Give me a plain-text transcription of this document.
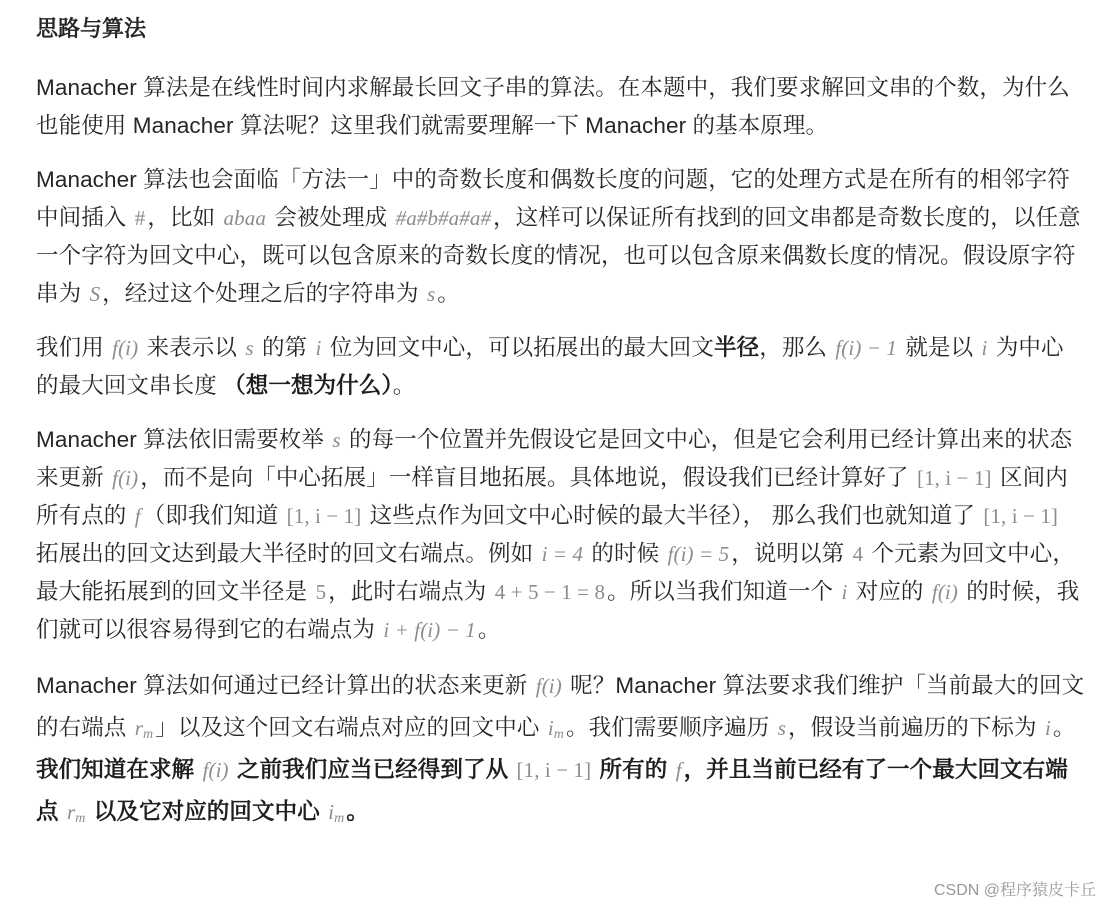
思路与算法

Manacher 算法是在线性时间内求解最长回文子串的算法。在本题中，我们要求解回文串的个数，为什么也能使用 Manacher 算法呢？这里我们就需要理解一下 Manacher 的基本原理。

Manacher 算法也会面临「方法一」中的奇数长度和偶数长度的问题，它的处理方式是在所有的相邻字符中间插入 #，比如 abaa 会被处理成 #a#b#a#a#，这样可以保证所有找到的回文串都是奇数长度的，以任意一个字符为回文中心，既可以包含原来的奇数长度的情况，也可以包含原来偶数长度的情况。假设原字符串为 S，经过这个处理之后的字符串为 s。

我们用 f(i) 来表示以 s 的第 i 位为回文中心，可以拓展出的最大回文半径，那么 f(i) − 1 就是以 i 为中心的最大回文串长度 （想一想为什么）。

Manacher 算法依旧需要枚举 s 的每一个位置并先假设它是回文中心，但是它会利用已经计算出来的状态来更新 f(i)，而不是向「中心拓展」一样盲目地拓展。具体地说，假设我们已经计算好了 [1, i − 1] 区间内所有点的 f（即我们知道 [1, i − 1] 这些点作为回文中心时候的最大半径）， 那么我们也就知道了 [1, i − 1] 拓展出的回文达到最大半径时的回文右端点。例如 i = 4 的时候 f(i) = 5，说明以第 4 个元素为回文中心，最大能拓展到的回文半径是 5，此时右端点为 4 + 5 − 1 = 8。所以当我们知道一个 i 对应的 f(i) 的时候，我们就可以很容易得到它的右端点为 i + f(i) − 1。

Manacher 算法如何通过已经计算出的状态来更新 f(i) 呢？Manacher 算法要求我们维护「当前最大的回文的右端点 $r_m$」以及这个回文右端点对应的回文中心 $i_m$。我们需要顺序遍历 s，假设当前遍历的下标为 i。我们知道在求解 f(i) 之前我们应当已经得到了从 [1, i − 1] 所有的 f，并且当前已经有了一个最大回文右端点 $r_m$ 以及它对应的回文中心 $i_m$。

CSDN @程序猿皮卡丘
